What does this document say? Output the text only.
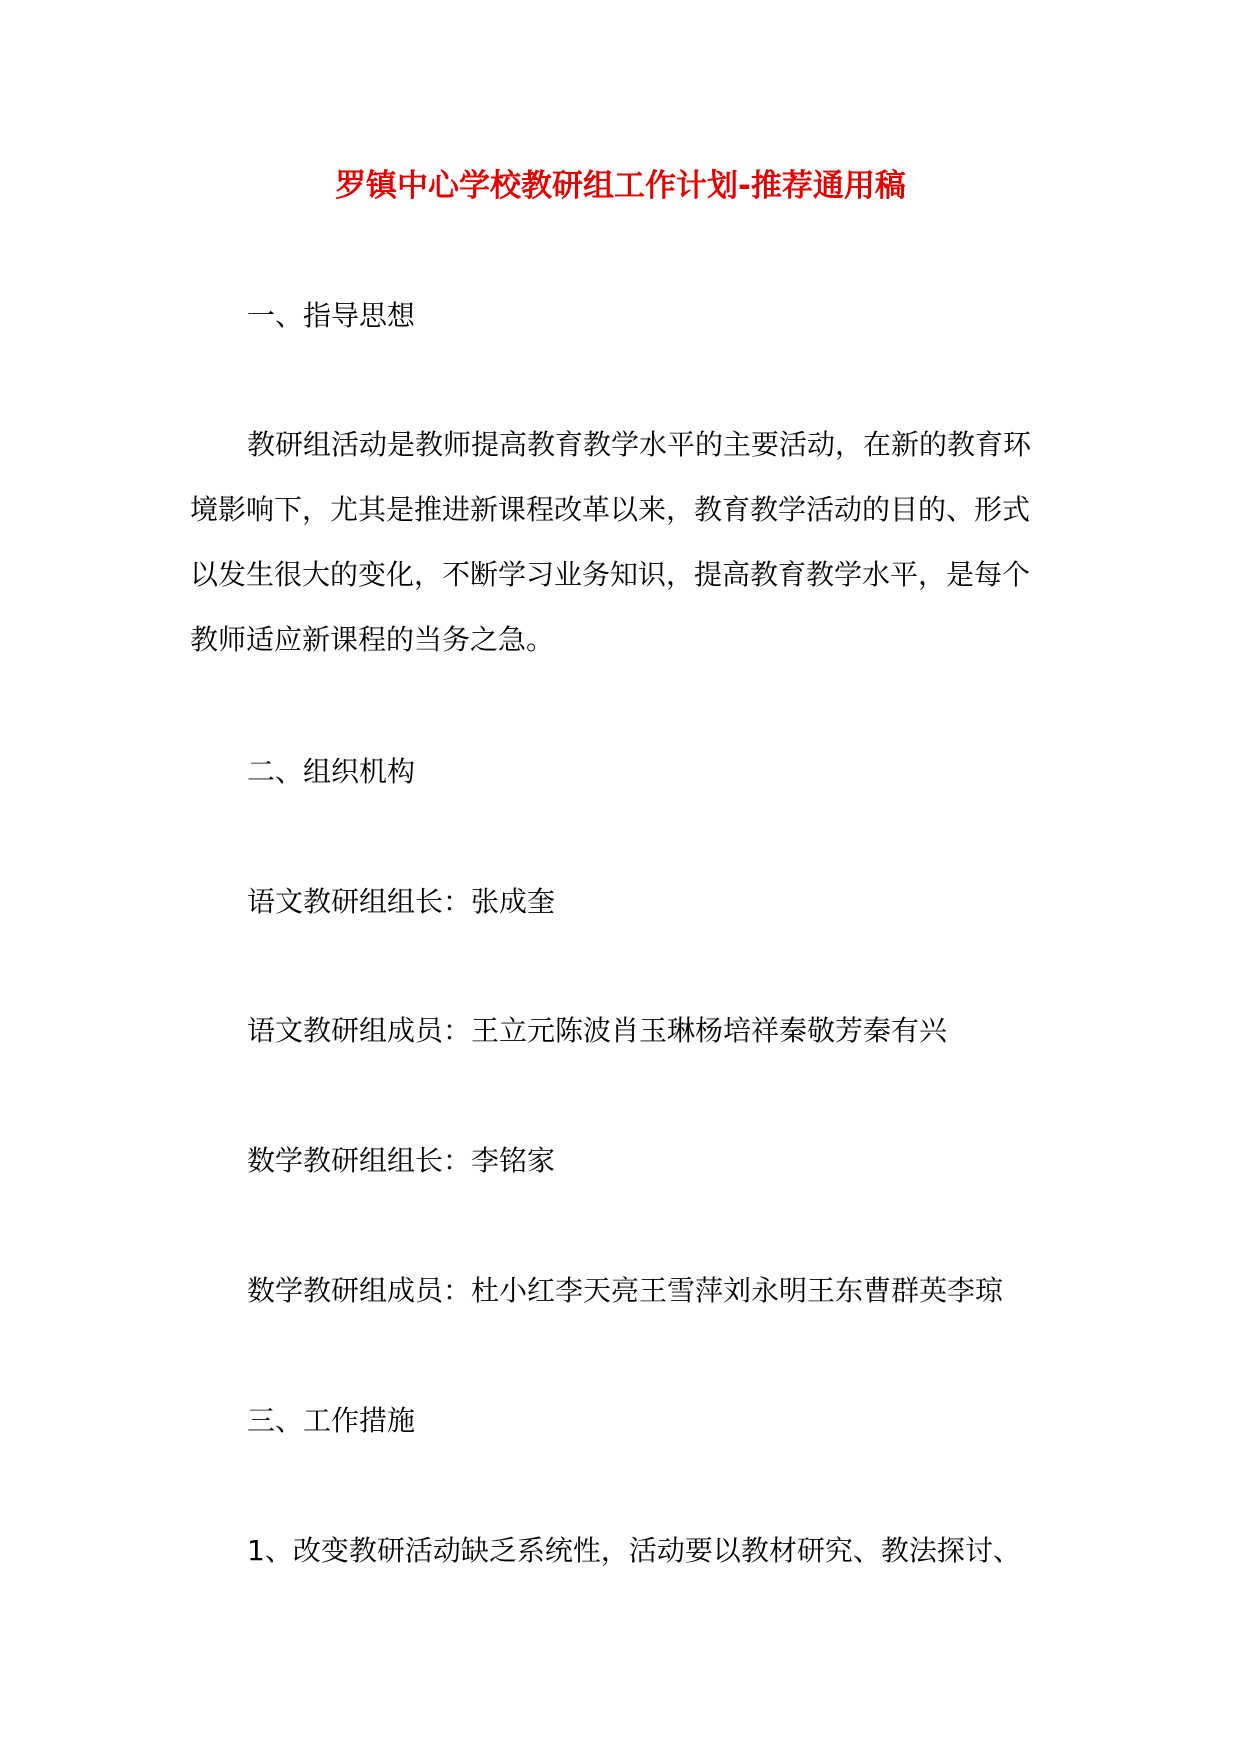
罗镇中心学校教研组工作计划-推荐通用稿

一、指导思想

教研组活动是教师提高教育教学水平的主要活动，在新的教育环

境影响下，尤其是推进新课程改革以来，教育教学活动的目的、形式

以发生很大的变化，不断学习业务知识，提高教育教学水平，是每个

教师适应新课程的当务之急。

二、组织机构

语文教研组组长：张成奎

语文教研组成员：王立元陈波肖玉琳杨培祥秦敬芳秦有兴

数学教研组组长：李铭家

数学教研组成员：杜小红李天亮王雪萍刘永明王东曹群英李琼

三、工作措施

1、改变教研活动缺乏系统性，活动要以教材研究、教法探讨、
